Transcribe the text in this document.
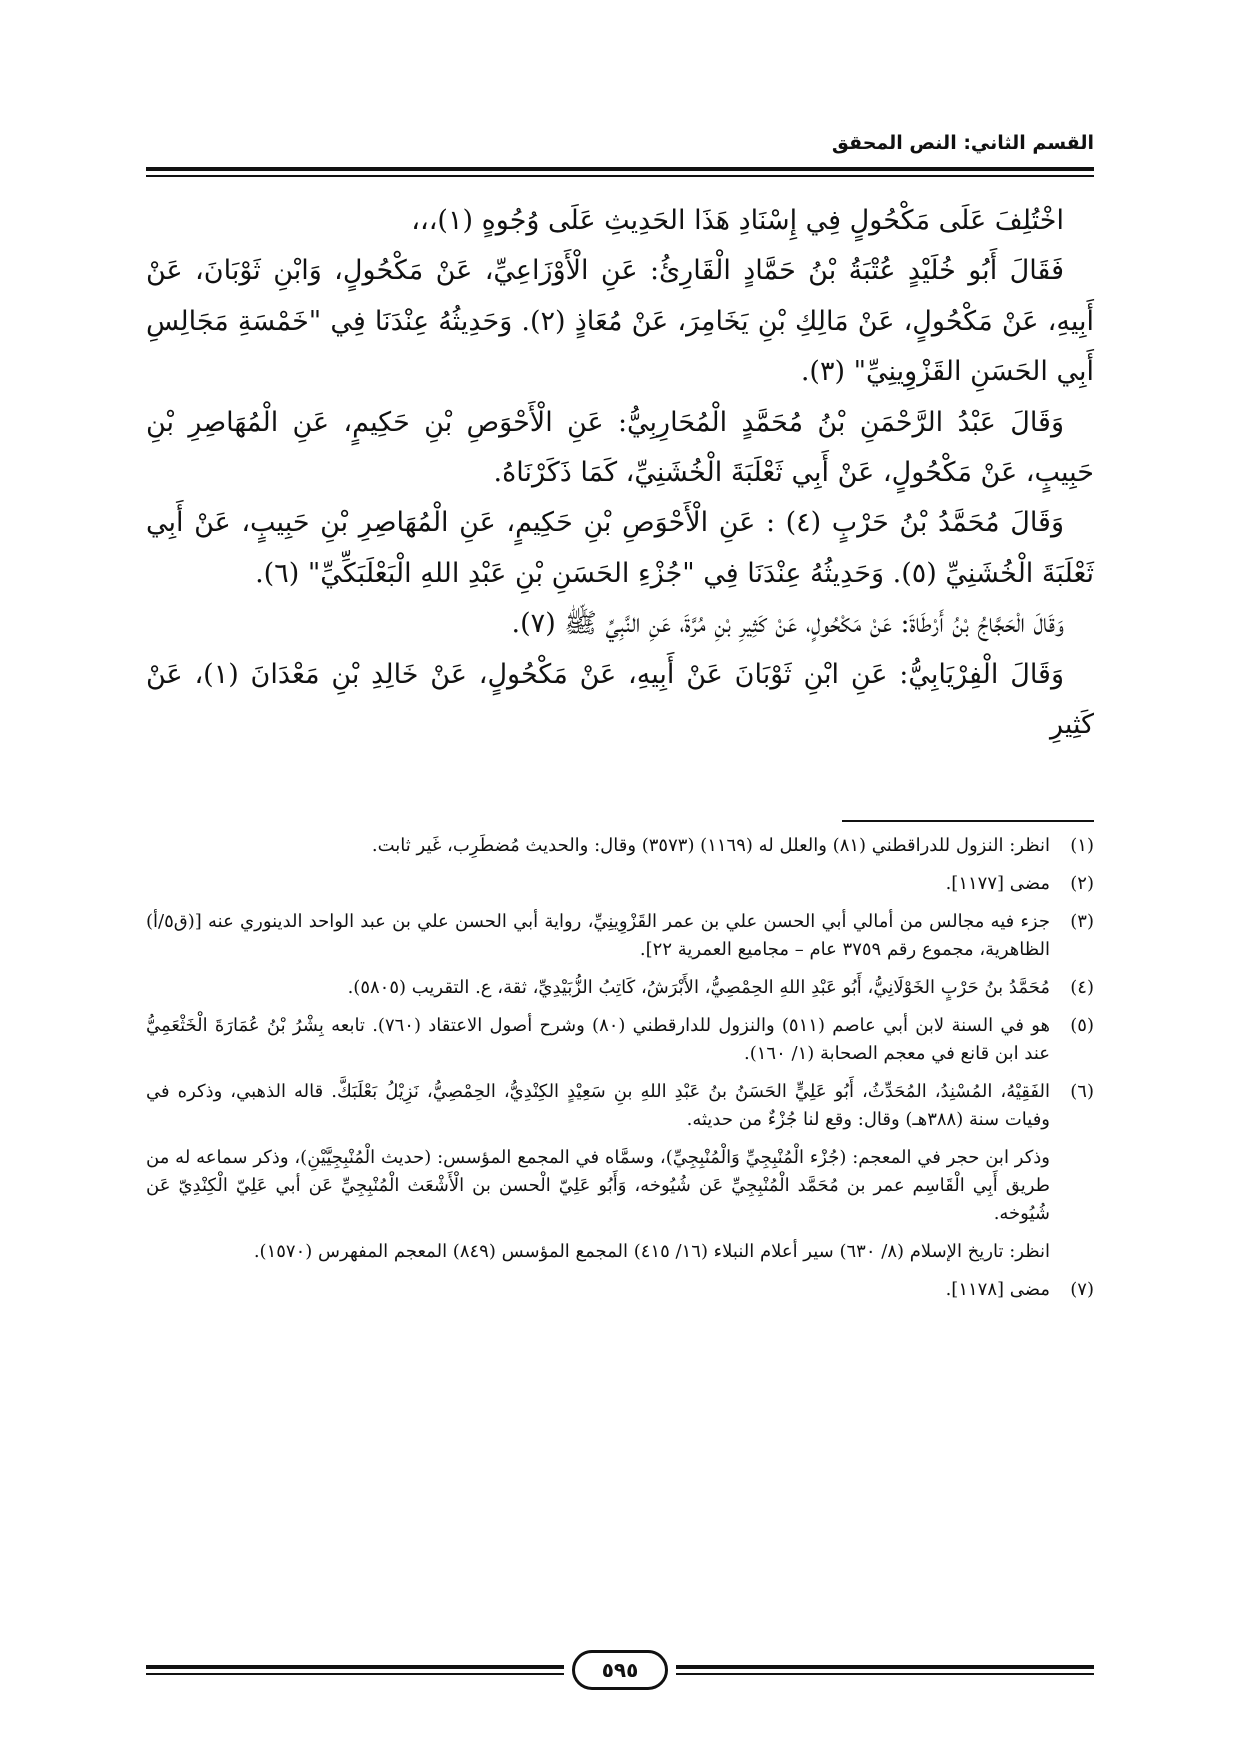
القسم الثاني: النص المحقق

اخْتُلِفَ عَلَى مَكْحُولٍ فِي إِسْنَادِ هَذَا الحَدِيثِ عَلَى وُجُوهٍ (١)،،،

فَقَالَ أَبُو خُلَيْدٍ عُتْبَةُ بْنُ حَمَّادٍ الْقَارِئُ: عَنِ الْأَوْزَاعِيِّ، عَنْ مَكْحُولٍ، وَابْنِ ثَوْبَانَ، عَنْ أَبِيهِ، عَنْ مَكْحُولٍ، عَنْ مَالِكِ بْنِ يَخَامِرَ، عَنْ مُعَاذٍ (٢). وَحَدِيثُهُ عِنْدَنَا فِي "خَمْسَةِ مَجَالِسِ أَبِي الحَسَنِ القَزْوِينِيِّ" (٣).

وَقَالَ عَبْدُ الرَّحْمَنِ بْنُ مُحَمَّدٍ الْمُحَارِبِيُّ: عَنِ الْأَحْوَصِ بْنِ حَكِيمٍ، عَنِ الْمُهَاصِرِ بْنِ حَبِيبٍ، عَنْ مَكْحُولٍ، عَنْ أَبِي ثَعْلَبَةَ الْخُشَنِيِّ، كَمَا ذَكَرْنَاهُ.

وَقَالَ مُحَمَّدُ بْنُ حَرْبٍ (٤) : عَنِ الْأَحْوَصِ بْنِ حَكِيمٍ، عَنِ الْمُهَاصِرِ بْنِ حَبِيبٍ، عَنْ أَبِي ثَعْلَبَةَ الْخُشَنِيِّ (٥). وَحَدِيثُهُ عِنْدَنَا فِي "جُزْءِ الحَسَنِ بْنِ عَبْدِ اللهِ الْبَعْلَبَكِّيِّ" (٦).

وَقَالَ الْحَجَّاجُ بْنُ أَرْطَاةَ: عَنْ مَكْحُولٍ، عَنْ كَثِيرِ بْنِ مُرَّةَ، عَنِ النَّبِيِّ ﷺ (٧).

وَقَالَ الْفِرْيَابِيُّ: عَنِ ابْنِ ثَوْبَانَ عَنْ أَبِيهِ، عَنْ مَكْحُولٍ، عَنْ خَالِدِ بْنِ مَعْدَانَ (١)، عَنْ كَثِيرِ

(١)انظر: النزول للدراقطني (٨١) والعلل له (١١٦٩) (٣٥٧٣) وقال: والحديث مُضطَرِب، غَير ثابت.

(٢)مضى [١١٧٧].

(٣)جزء فيه مجالس من أمالي أبي الحسن علي بن عمر القَزْوِينِيِّ، رواية أبي الحسن علي بن عبد الواحد الدينوري عنه [(ق٥/أ) الظاهرية، مجموع رقم ٣٧٥٩ عام – مجاميع العمرية ٢٢].

(٤)مُحَمَّدُ بنُ حَرْبٍ الخَوْلَانِيُّ، أَبُو عَبْدِ اللهِ الحِمْصِيُّ، الأَبْرَشُ، كَاتِبُ الزُّبَيْدِيِّ، ثقة، ع. التقريب (٥٨٠٥).

(٥)هو في السنة لابن أبي عاصم (٥١١) والنزول للدارقطني (٨٠) وشرح أصول الاعتقاد (٧٦٠). تابعه بِشْرُ بْنُ عُمَارَةَ الْخَثْعَمِيُّ عند ابن قانع في معجم الصحابة (١/ ١٦٠).

(٦)الفَقِيْهُ، المُسْنِدُ، المُحَدِّثُ، أَبُو عَلِيٍّ الحَسَنُ بنُ عَبْدِ اللهِ بنِ سَعِيْدٍ الكِنْدِيُّ، الحِمْصِيُّ، نَزِيْلُ بَعْلَبَكَّ. قاله الذهبي، وذكره في وفيات سنة (٣٨٨هـ) وقال: وقع لنا جُزْءٌ من حديثه.

وذكر ابن حجر في المعجم: (جُزْء الْمُنْبِجِيِّ وَالْمُنْبِجِيِّ)، وسمَّاه في المجمع المؤسس: (حديث الْمُنْبِجِيَّيْنِ)، وذكر سماعه له من طريق أَبِي الْقَاسِم عمر بن مُحَمَّد الْمُنْبِجِيِّ عَن شُيُوخه، وَأَبُو عَلِيّ الْحسن بن الْأَشْعَث الْمُنْبِجِيِّ عَن أبي عَلِيّ الْكِنْدِيّ عَن شُيُوخه.

انظر: تاريخ الإسلام (٨/ ٦٣٠) سير أعلام النبلاء (١٦/ ٤١٥) المجمع المؤسس (٨٤٩) المعجم المفهرس (١٥٧٠).

(٧)مضى [١١٧٨].

٥٩٥
